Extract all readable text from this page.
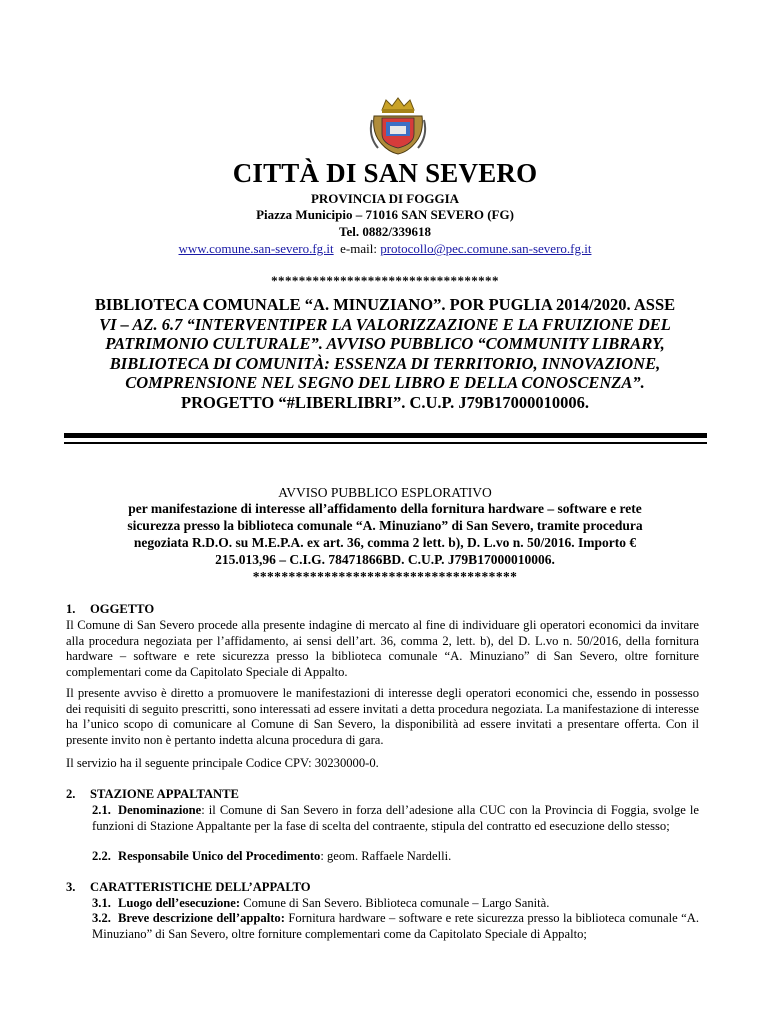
CITTÀ DI SAN SEVERO
PROVINCIA DI FOGGIA
Piazza Municipio – 71016 SAN SEVERO (FG)
Tel. 0882/339618
www.comune.san-severo.fg.it e-mail: protocollo@pec.comune.san-severo.fg.it
*********************************
BIBLIOTECA COMUNALE “A. MINUZIANO”. POR PUGLIA 2014/2020. ASSE
VI – AZ. 6.7 “INTERVENTIPER LA VALORIZZAZIONE E LA FRUIZIONE DEL
PATRIMONIO CULTURALE”. AVVISO PUBBLICO “COMMUNITY LIBRARY,
BIBLIOTECA DI COMUNITÀ: ESSENZA DI TERRITORIO, INNOVAZIONE,
COMPRENSIONE NEL SEGNO DEL LIBRO E DELLA CONOSCENZA”.
PROGETTO “#LIBERLIBRI”. C.U.P. J79B17000010006.
AVVISO PUBBLICO ESPLORATIVO
per manifestazione di interesse all’affidamento della fornitura hardware – software e rete
sicurezza presso la biblioteca comunale “A. Minuziano” di San Severo, tramite procedura
negoziata R.D.O. su M.E.P.A. ex art. 36, comma 2 lett. b), D. L.vo n. 50/2016. Importo €
215.013,96 – C.I.G. 78471866BD. C.U.P. J79B17000010006.
*************************************
1. OGGETTO
Il Comune di San Severo procede alla presente indagine di mercato al fine di individuare gli operatori economici da invitare alla procedura negoziata per l’affidamento, ai sensi dell’art. 36, comma 2, lett. b), del D. L.vo n. 50/2016, della fornitura hardware – software e rete sicurezza presso la biblioteca comunale “A. Minuziano” di San Severo, oltre forniture complementari come da Capitolato Speciale di Appalto.
Il presente avviso è diretto a promuovere le manifestazioni di interesse degli operatori economici che, essendo in possesso dei requisiti di seguito prescritti, sono interessati ad essere invitati a detta procedura negoziata. La manifestazione di interesse ha l’unico scopo di comunicare al Comune di San Severo, la disponibilità ad essere invitati a presentare offerta. Con il presente invito non è pertanto indetta alcuna procedura di gara.
Il servizio ha il seguente principale Codice CPV: 30230000-0.
2. STAZIONE APPALTANTE
2.1. Denominazione: il Comune di San Severo in forza dell’adesione alla CUC con la Provincia di Foggia, svolge le funzioni di Stazione Appaltante per la fase di scelta del contraente, stipula del contratto ed esecuzione dello stesso;
2.2. Responsabile Unico del Procedimento: geom. Raffaele Nardelli.
3. CARATTERISTICHE DELL’APPALTO
3.1. Luogo dell’esecuzione: Comune di San Severo. Biblioteca comunale – Largo Sanità.
3.2. Breve descrizione dell’appalto: Fornitura hardware – software e rete sicurezza presso la biblioteca comunale “A. Minuziano” di San Severo, oltre forniture complementari come da Capitolato Speciale di Appalto;
